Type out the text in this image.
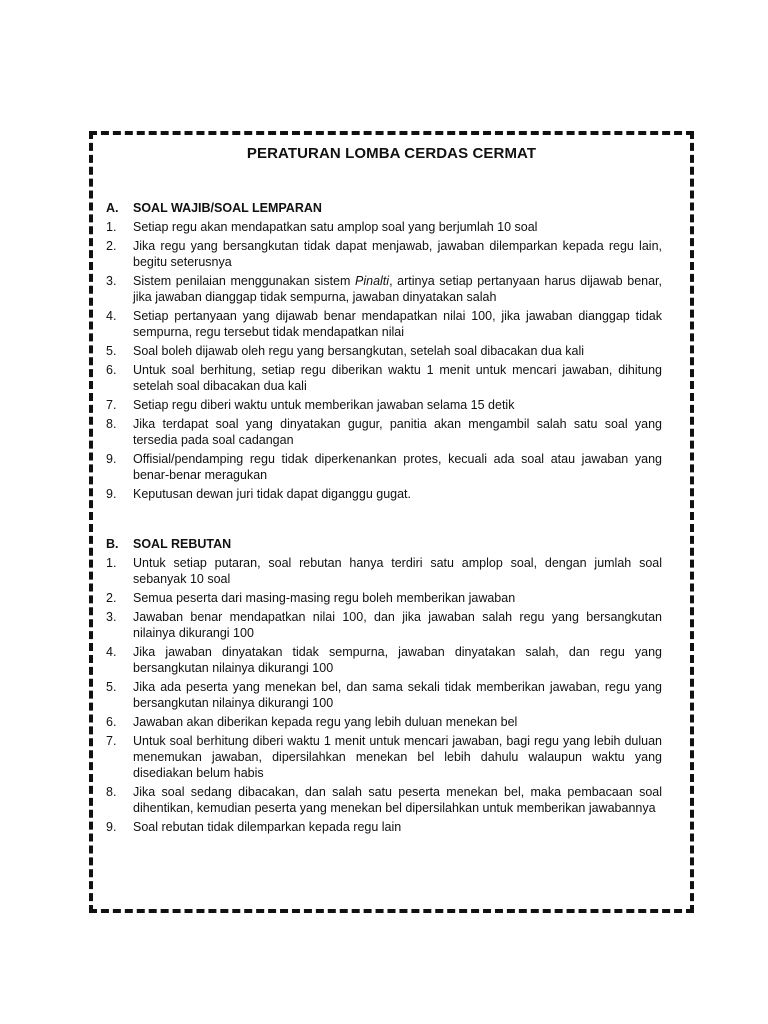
PERATURAN LOMBA CERDAS CERMAT
A.	SOAL WAJIB/SOAL LEMPARAN
1.	Setiap regu akan mendapatkan satu amplop soal yang berjumlah 10 soal
2.	Jika regu yang bersangkutan tidak dapat menjawab, jawaban dilemparkan kepada regu lain, begitu seterusnya
3.	Sistem penilaian menggunakan sistem Pinalti, artinya setiap pertanyaan harus dijawab benar, jika jawaban dianggap tidak sempurna, jawaban dinyatakan salah
4.	Setiap pertanyaan yang dijawab benar mendapatkan nilai 100, jika jawaban dianggap tidak sempurna, regu tersebut tidak mendapatkan nilai
5.	Soal boleh dijawab oleh regu yang bersangkutan, setelah soal dibacakan dua kali
6.	Untuk soal berhitung, setiap regu diberikan waktu 1 menit untuk mencari jawaban, dihitung setelah soal dibacakan dua kali
7.	Setiap regu diberi waktu untuk memberikan jawaban selama 15 detik
8.	Jika terdapat soal yang dinyatakan gugur, panitia akan mengambil salah satu soal yang tersedia pada soal cadangan
9.	Offisial/pendamping regu tidak diperkenankan protes, kecuali ada soal atau jawaban yang benar-benar meragukan
9.	Keputusan dewan juri tidak dapat diganggu gugat.
B.	SOAL REBUTAN
1.	Untuk setiap putaran, soal rebutan hanya terdiri satu amplop soal, dengan jumlah soal sebanyak 10 soal
2.	Semua peserta dari masing-masing regu boleh memberikan jawaban
3.	Jawaban benar mendapatkan nilai 100, dan jika jawaban salah regu yang bersangkutan nilainya dikurangi 100
4.	Jika jawaban dinyatakan tidak sempurna, jawaban dinyatakan salah, dan regu yang bersangkutan nilainya dikurangi 100
5.	Jika ada peserta yang menekan bel, dan sama sekali tidak memberikan jawaban, regu yang bersangkutan nilainya dikurangi 100
6.	Jawaban akan diberikan kepada regu yang lebih duluan menekan bel
7.	Untuk soal berhitung diberi waktu 1 menit untuk mencari jawaban, bagi regu yang lebih duluan menemukan jawaban, dipersilahkan menekan bel lebih dahulu walaupun waktu yang disediakan belum habis
8.	Jika soal sedang dibacakan, dan salah satu peserta menekan bel, maka pembacaan soal dihentikan, kemudian peserta yang menekan bel dipersilahkan untuk memberikan jawabannya
9.	Soal rebutan tidak dilemparkan kepada regu lain
